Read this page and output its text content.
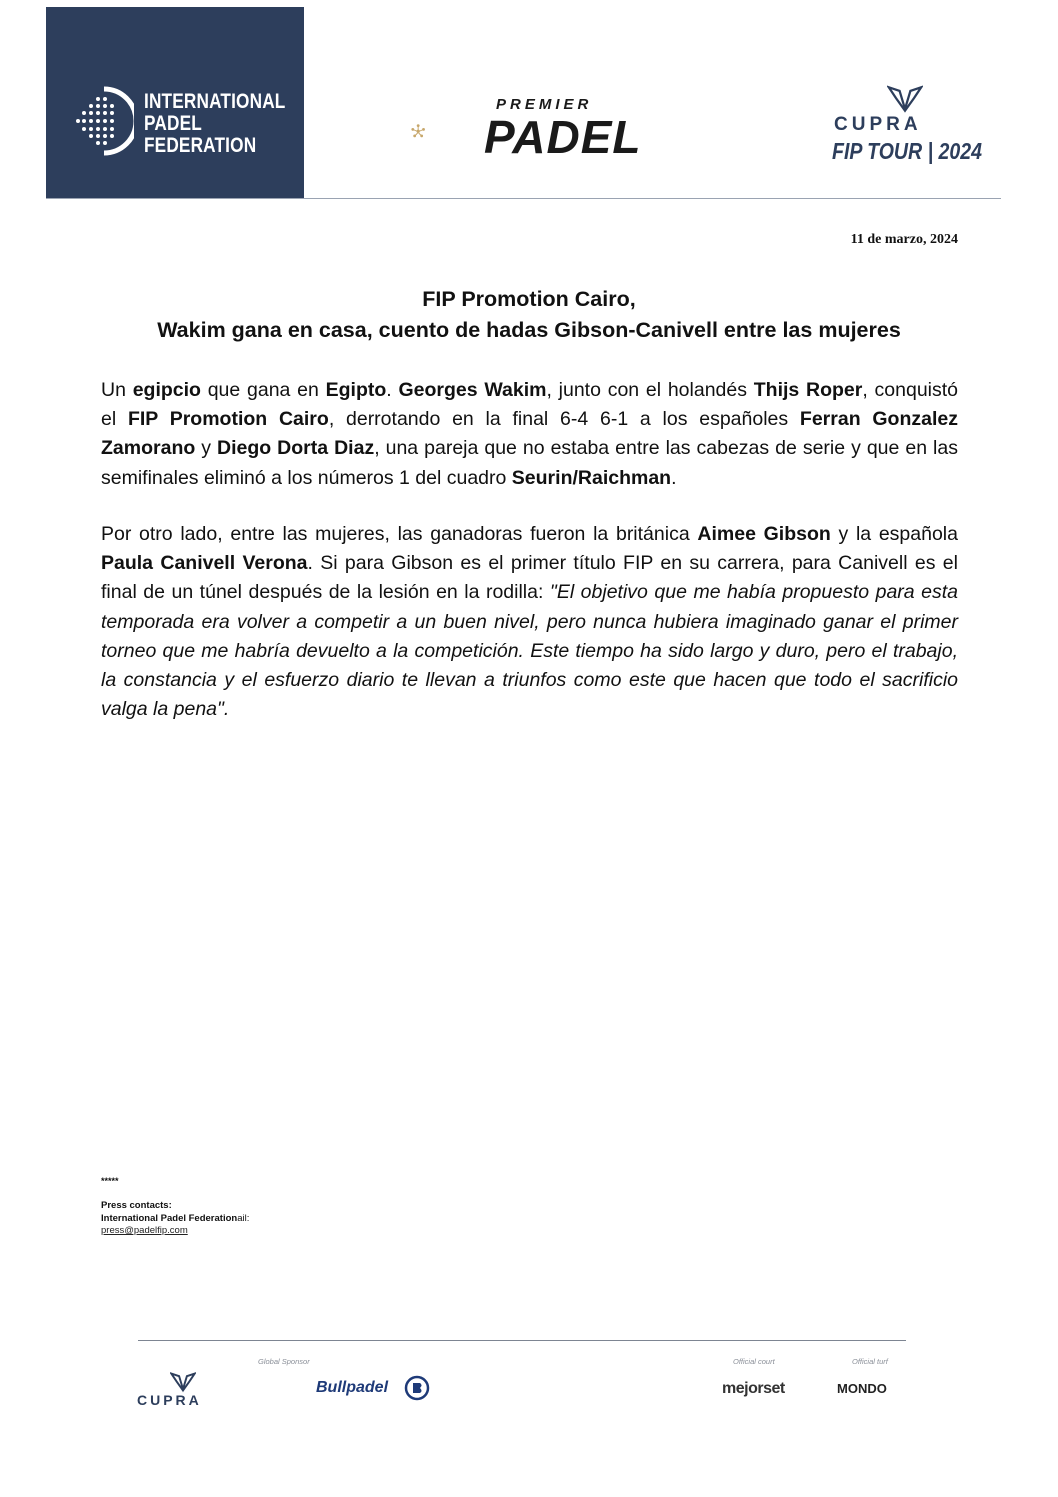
INTERNATIONAL
PADEL
FEDERATION
PREMIER
PADEL	CUPRA
FIP TOUR | 2024
11 de marzo, 2024
FIP Promotion Cairo,
Wakim gana en casa, cuento de hadas Gibson-Canivell entre las mujeres
Un egipcio que gana en Egipto. Georges Wakim, junto con el holandés Thijs Roper, conquistó el FIP Promotion Cairo, derrotando en la final 6-4 6-1 a los españoles Ferran Gonzalez Zamorano y Diego Dorta Diaz, una pareja que no estaba entre las cabezas de serie y que en las semifinales eliminó a los números 1 del cuadro Seurin/Raichman.
Por otro lado, entre las mujeres, las ganadoras fueron la británica Aimee Gibson y la española Paula Canivell Verona. Si para Gibson es el primer título FIP en su carrera, para Canivell es el final de un túnel después de la lesión en la rodilla: "El objetivo que me había propuesto para esta temporada era volver a competir a un buen nivel, pero nunca hubiera imaginado ganar el primer torneo que me habría devuelto a la competición. Este tiempo ha sido largo y duro, pero el trabajo, la constancia y el esfuerzo diario te llevan a triunfos como este que hacen que todo el sacrificio valga la pena".
*****
Press contacts:
International Padel Federationail:
press@padelfip.com
Global Sponsor	Official court	Official turf
CUPRA
Bullpadel	mejorset	MONDO
